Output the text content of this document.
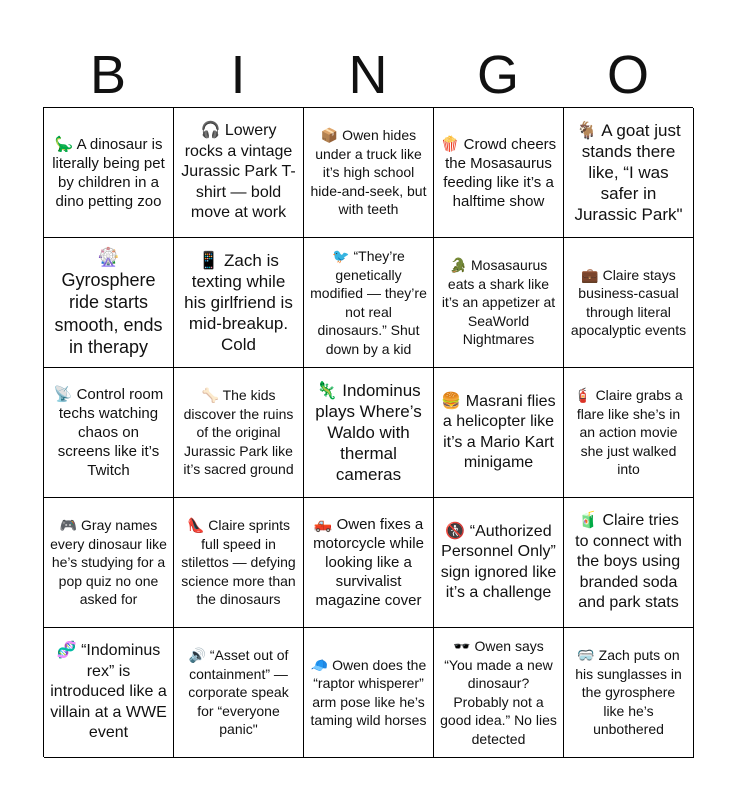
B	I	N	G	O
🦕 A dinosaur is literally being pet by children in a dino petting zoo
🎧 Lowery rocks a vintage Jurassic Park T-shirt — bold move at work
📦 Owen hides under a truck like it’s high school hide-and-seek, but with teeth
🍿 Crowd cheers the Mosasaurus feeding like it’s a halftime show
🐐 A goat just stands there like, “I was safer in Jurassic Park"
🎡 Gyrosphere ride starts smooth, ends in therapy
📱 Zach is texting while his girlfriend is mid-breakup. Cold
🐦 “They’re genetically modified — they’re not real dinosaurs.” Shut down by a kid
🐊 Mosasaurus eats a shark like it’s an appetizer at SeaWorld Nightmares
💼 Claire stays business-casual through literal apocalyptic events
📡 Control room techs watching chaos on screens like it’s Twitch
🦴 The kids discover the ruins of the original Jurassic Park like it’s sacred ground
🦎 Indominus plays Where’s Waldo with thermal cameras
🍔 Masrani flies a helicopter like it’s a Mario Kart minigame
🧯 Claire grabs a flare like she’s in an action movie she just walked into
🎮 Gray names every dinosaur like he’s studying for a pop quiz no one asked for
👠 Claire sprints full speed in stilettos — defying science more than the dinosaurs
🛻 Owen fixes a motorcycle while looking like a survivalist magazine cover
🚷 “Authorized Personnel Only” sign ignored like it’s a challenge
🧃 Claire tries to connect with the boys using branded soda and park stats
🧬 “Indominus rex” is introduced like a villain at a WWE event
🔊 “Asset out of containment” — corporate speak for “everyone panic"
🧢 Owen does the “raptor whisperer” arm pose like he’s taming wild horses
🕶️ Owen says “You made a new dinosaur? Probably not a good idea.” No lies detected
🥽 Zach puts on his sunglasses in the gyrosphere like he’s unbothered
